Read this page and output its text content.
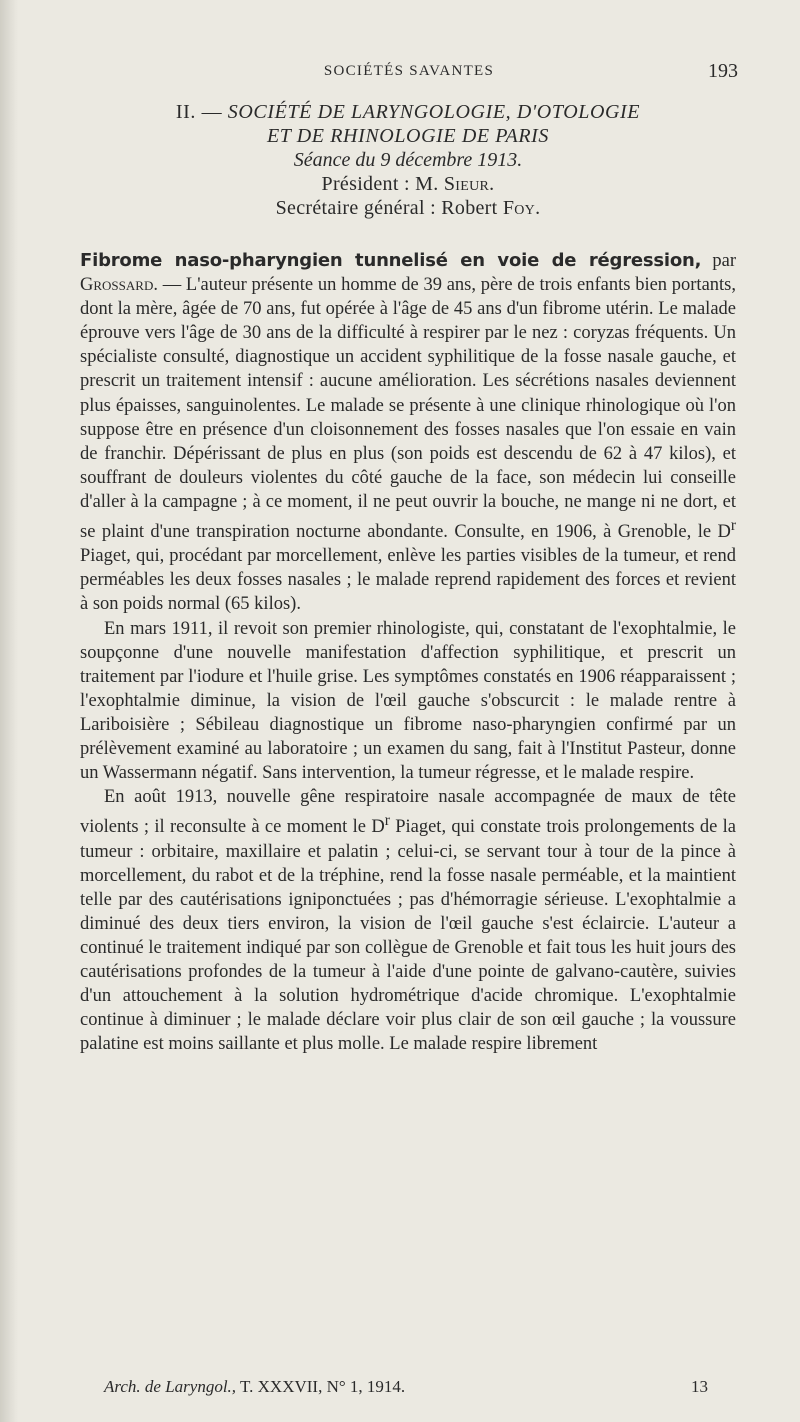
SOCIÉTÉS SAVANTES	193
II. — SOCIÉTÉ DE LARYNGOLOGIE, D'OTOLOGIE
ET DE RHINOLOGIE DE PARIS
Séance du 9 décembre 1913.
Président : M. Sieur.
Secrétaire général : Robert Foy.

Fibrome naso-pharyngien tunnelisé en voie de régression, par Grossard. — L'auteur présente un homme de 39 ans, père de trois enfants bien portants, dont la mère, âgée de 70 ans, fut opérée à l'âge de 45 ans d'un fibrome utérin. Le malade éprouve vers l'âge de 30 ans de la difficulté à respirer par le nez : coryzas fréquents. Un spécialiste consulté, diagnostique un accident syphilitique de la fosse nasale gauche, et prescrit un traitement intensif : aucune amélioration. Les sécrétions nasales deviennent plus épaisses, sanguinolentes. Le malade se présente à une clinique rhinologique où l'on suppose être en présence d'un cloisonnement des fosses nasales que l'on essaie en vain de franchir. Dépérissant de plus en plus (son poids est descendu de 62 à 47 kilos), et souffrant de douleurs violentes du côté gauche de la face, son médecin lui conseille d'aller à la campagne ; à ce moment, il ne peut ouvrir la bouche, ne mange ni ne dort, et se plaint d'une transpiration nocturne abondante. Consulte, en 1906, à Grenoble, le $D^r$ Piaget, qui, procédant par morcellement, enlève les parties visibles de la tumeur, et rend perméables les deux fosses nasales ; le malade reprend rapidement des forces et revient à son poids normal (65 kilos).

En mars 1911, il revoit son premier rhinologiste, qui, constatant de l'exophtalmie, le soupçonne d'une nouvelle manifestation d'affection syphilitique, et prescrit un traitement par l'iodure et l'huile grise. Les symptômes constatés en 1906 réapparaissent ; l'exophtalmie diminue, la vision de l'œil gauche s'obscurcit : le malade rentre à Lariboisière ; Sébileau diagnostique un fibrome naso-pharyngien confirmé par un prélèvement examiné au laboratoire ; un examen du sang, fait à l'Institut Pasteur, donne un Wassermann négatif. Sans intervention, la tumeur régresse, et le malade respire.

En août 1913, nouvelle gêne respiratoire nasale accompagnée de maux de tête violents ; il reconsulte à ce moment le $D^r$ Piaget, qui constate trois prolongements de la tumeur : orbitaire, maxillaire et palatin ; celui-ci, se servant tour à tour de la pince à morcellement, du rabot et de la tréphine, rend la fosse nasale perméable, et la maintient telle par des cautérisations igniponctuées ; pas d'hémorragie sérieuse. L'exophtalmie a diminué des deux tiers environ, la vision de l'œil gauche s'est éclaircie. L'auteur a continué le traitement indiqué par son collègue de Grenoble et fait tous les huit jours des cautérisations profondes de la tumeur à l'aide d'une pointe de galvano-cautère, suivies d'un attouchement à la solution hydrométrique d'acide chromique. L'exophtalmie continue à diminuer ; le malade déclare voir plus clair de son œil gauche ; la voussure palatine est moins saillante et plus molle. Le malade respire librement

Arch. de Laryngol., T. XXXVII, N° 1, 1914.	13
